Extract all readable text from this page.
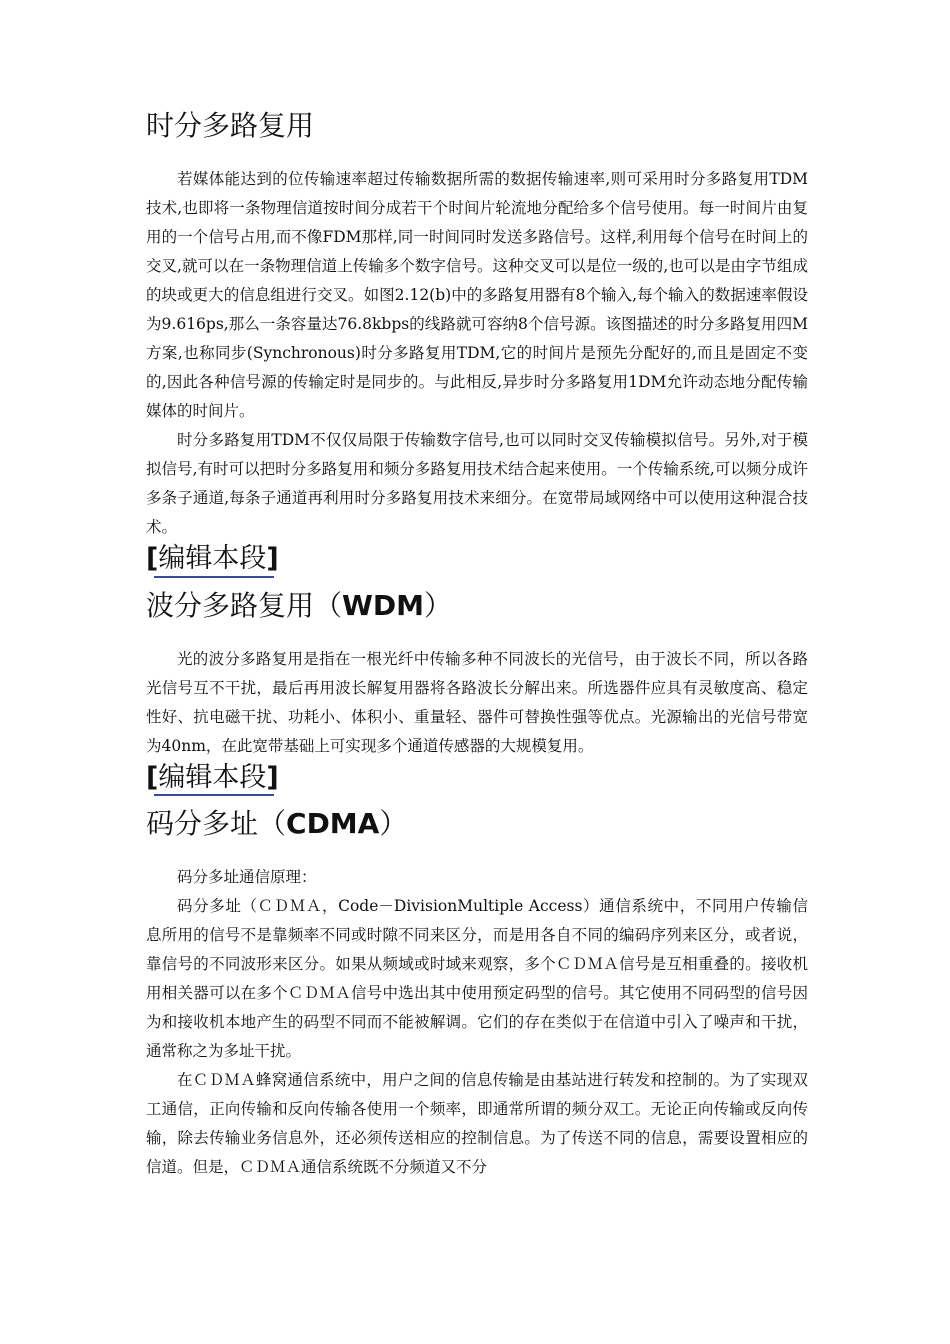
时分多路复用

若媒体能达到的位传输速率超过传输数据所需的数据传输速率,则可采用时分多路复用TDM技术,也即将一条物理信道按时间分成若干个时间片轮流地分配给多个信号使用。每一时间片由复用的一个信号占用,而不像FDM那样,同一时间同时发送多路信号。这样,利用每个信号在时间上的交叉,就可以在一条物理信道上传输多个数字信号。这种交叉可以是位一级的,也可以是由字节组成的块或更大的信息组进行交叉。如图2.12(b)中的多路复用器有8个输入,每个输入的数据速率假设为9.616ps,那么一条容量达76.8kbps的线路就可容纳8个信号源。该图描述的时分多路复用四M方案,也称同步(Synchronous)时分多路复用TDM,它的时间片是预先分配好的,而且是固定不变的,因此各种信号源的传输定时是同步的。与此相反,异步时分多路复用1DM允许动态地分配传输媒体的时间片。

时分多路复用TDM不仅仅局限于传输数字信号,也可以同时交叉传输模拟信号。另外,对于模拟信号,有时可以把时分多路复用和频分多路复用技术结合起来使用。一个传输系统,可以频分成许多条子通道,每条子通道再利用时分多路复用技术来细分。在宽带局域网络中可以使用这种混合技术。

[编辑本段]
波分多路复用（WDM）

光的波分多路复用是指在一根光纤中传输多种不同波长的光信号，由于波长不同，所以各路光信号互不干扰，最后再用波长解复用器将各路波长分解出来。所选器件应具有灵敏度高、稳定性好、抗电磁干扰、功耗小、体积小、重量轻、器件可替换性强等优点。光源输出的光信号带宽为40nm，在此宽带基础上可实现多个通道传感器的大规模复用。

[编辑本段]
码分多址（CDMA）

码分多址通信原理：

码分多址（ＣＤＭＡ，Code－DivisionMultiple Access）通信系统中，不同用户传输信息所用的信号不是靠频率不同或时隙不同来区分，而是用各自不同的编码序列来区分，或者说，靠信号的不同波形来区分。如果从频域或时域来观察，多个ＣＤＭＡ信号是互相重叠的。接收机用相关器可以在多个ＣＤＭＡ信号中选出其中使用预定码型的信号。其它使用不同码型的信号因为和接收机本地产生的码型不同而不能被解调。它们的存在类似于在信道中引入了噪声和干扰，通常称之为多址干扰。

在ＣＤＭＡ蜂窝通信系统中，用户之间的信息传输是由基站进行转发和控制的。为了实现双工通信，正向传输和反向传输各使用一个频率，即通常所谓的频分双工。无论正向传输或反向传输，除去传输业务信息外，还必须传送相应的控制信息。为了传送不同的信息，需要设置相应的信道。但是，ＣＤＭＡ通信系统既不分频道又不分
